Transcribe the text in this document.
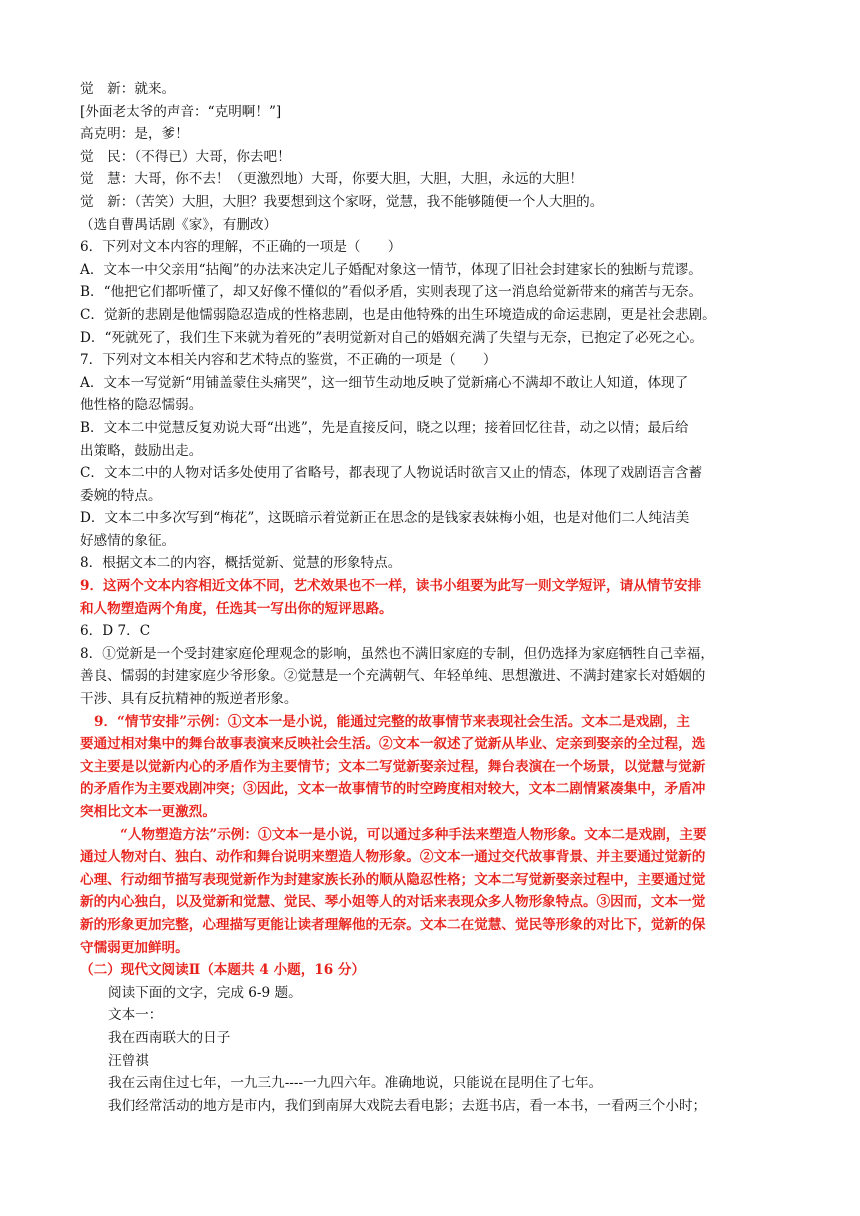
觉　新：就来。

[外面老太爷的声音：“克明啊！”]

高克明：是，爹！

觉　民：（不得已）大哥，你去吧！

觉　慧：大哥，你不去！（更激烈地）大哥，你要大胆，大胆，大胆，永远的大胆！

觉　新：（苦笑）大胆，大胆？我要想到这个家呀，觉慧，我不能够随便一个人大胆的。

（选自曹禺话剧《家》，有删改）

6．下列对文本内容的理解，不正确的一项是（　　）

A．文本一中父亲用“拈阄”的办法来决定儿子婚配对象这一情节，体现了旧社会封建家长的独断与荒谬。

B．“他把它们都听懂了，却又好像不懂似的”看似矛盾，实则表现了这一消息给觉新带来的痛苦与无奈。

C．觉新的悲剧是他懦弱隐忍造成的性格悲剧，也是由他特殊的出生环境造成的命运悲剧，更是社会悲剧。

D．“死就死了，我们生下来就为着死的”表明觉新对自己的婚姻充满了失望与无奈，已抱定了必死之心。

7．下列对文本相关内容和艺术特点的鉴赏，不正确的一项是（　　）

A．文本一写觉新“用铺盖蒙住头痛哭”，这一细节生动地反映了觉新痛心不满却不敢让人知道，体现了

他性格的隐忍懦弱。

B．文本二中觉慧反复劝说大哥“出逃”，先是直接反问，晓之以理；接着回忆往昔，动之以情；最后给

出策略，鼓励出走。

C．文本二中的人物对话多处使用了省略号，都表现了人物说话时欲言又止的情态，体现了戏剧语言含蓄

委婉的特点。

D．文本二中多次写到“梅花”，这既暗示着觉新正在思念的是钱家表妹梅小姐，也是对他们二人纯洁美

好感情的象征。

8．根据文本二的内容，概括觉新、觉慧的形象特点。

9．这两个文本内容相近文体不同，艺术效果也不一样，读书小组要为此写一则文学短评，请从情节安排

和人物塑造两个角度，任选其一写出你的短评思路。

6．D 7．C

8．①觉新是一个受封建家庭伦理观念的影响，虽然也不满旧家庭的专制，但仍选择为家庭牺牲自己幸福，

善良、懦弱的封建家庭少爷形象。②觉慧是一个充满朝气、年轻单纯、思想激进、不满封建家长对婚姻的

干涉、具有反抗精神的叛逆者形象。

9．“情节安排”示例：①文本一是小说，能通过完整的故事情节来表现社会生活。文本二是戏剧，主

要通过相对集中的舞台故事表演来反映社会生活。②文本一叙述了觉新从毕业、定亲到娶亲的全过程，选

文主要是以觉新内心的矛盾作为主要情节；文本二写觉新娶亲过程，舞台表演在一个场景，以觉慧与觉新

的矛盾作为主要戏剧冲突；③因此，文本一故事情节的时空跨度相对较大，文本二剧情紧凑集中，矛盾冲

突相比文本一更激烈。

“人物塑造方法”示例：①文本一是小说，可以通过多种手法来塑造人物形象。文本二是戏剧，主要

通过人物对白、独白、动作和舞台说明来塑造人物形象。②文本一通过交代故事背景、并主要通过觉新的

心理、行动细节描写表现觉新作为封建家族长孙的顺从隐忍性格；文本二写觉新娶亲过程中，主要通过觉

新的内心独白，以及觉新和觉慧、觉民、琴小姐等人的对话来表现众多人物形象特点。③因而，文本一觉

新的形象更加完整，心理描写更能让读者理解他的无奈。文本二在觉慧、觉民等形象的对比下，觉新的保

守懦弱更加鲜明。

（二）现代文阅读Ⅱ（本题共 4 小题，16 分）

阅读下面的文字，完成 6-9 题。

文本一：

我在西南联大的日子

汪曾祺

我在云南住过七年，一九三九----一九四六年。准确地说，只能说在昆明住了七年。

我们经常活动的地方是市内，我们到南屏大戏院去看电影；去逛书店，看一本书，一看两三个小时；
